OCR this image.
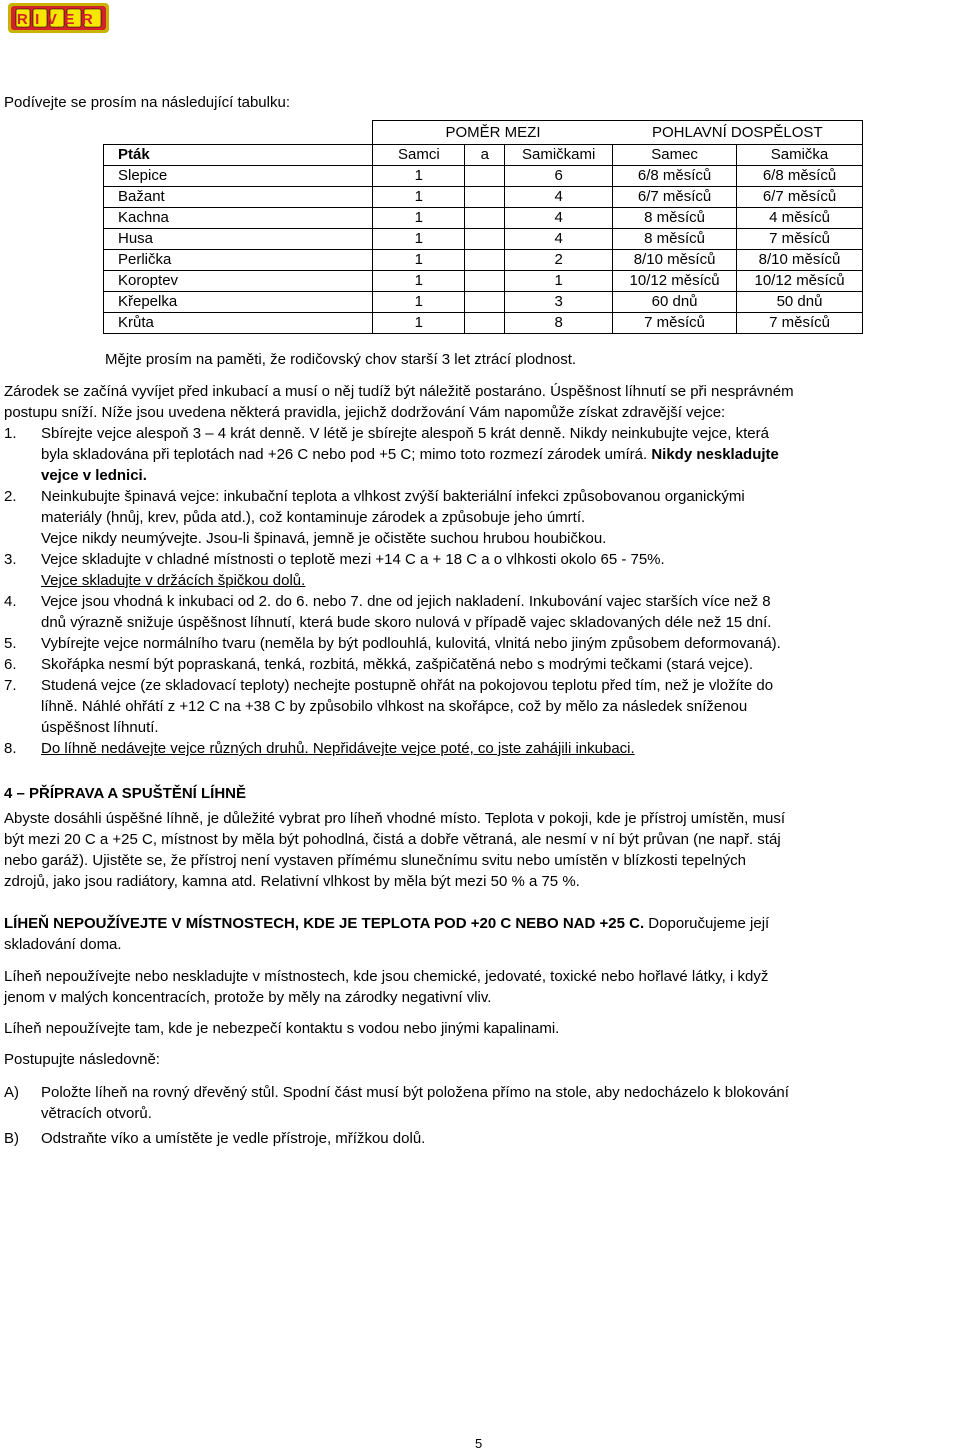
RIVER
Podívejte se prosím na následující tabulku:
	POMĚR MEZI			POHLAVNÍ DOSPĚLOST	
Pták	Samci	a	Samičkami	Samec	Samička
Slepice	1		6	6/8 měsíců	6/8 měsíců
Bažant	1		4	6/7 měsíců	6/7 měsíců
Kachna	1		4	8 měsíců	4 měsíců
Husa	1		4	8 měsíců	7 měsíců
Perlička	1		2	8/10 měsíců	8/10 měsíců
Koroptev	1		1	10/12 měsíců	10/12 měsíců
Křepelka	1		3	60 dnů	50 dnů
Krůta	1		8	7 měsíců	7 měsíců
Mějte prosím na paměti, že rodičovský chov starší 3 let ztrácí plodnost.
Zárodek se začíná vyvíjet před inkubací a musí o něj tudíž být náležitě postaráno. Úspěšnost líhnutí se při nesprávném
postupu sníží. Níže jsou uvedena některá pravidla, jejichž dodržování Vám napomůže získat zdravější vejce:
1. Sbírejte vejce alespoň 3 – 4 krát denně. V létě je sbírejte alespoň 5 krát denně. Nikdy neinkubujte vejce, která
byla skladována při teplotách nad +26 C nebo pod +5 C; mimo toto rozmezí zárodek umírá. Nikdy neskladujte
vejce v lednici.
2. Neinkubujte špinavá vejce: inkubační teplota a vlhkost zvýší bakteriální infekci způsobovanou organickými
materiály (hnůj, krev, půda atd.), což kontaminuje zárodek a způsobuje jeho úmrtí.
Vejce nikdy neumývejte. Jsou-li špinavá, jemně je očistěte suchou hrubou houbičkou.
3. Vejce skladujte v chladné místnosti o teplotě mezi +14 C a + 18 C a o vlhkosti okolo 65 - 75%.
Vejce skladujte v držácích špičkou dolů.
4. Vejce jsou vhodná k inkubaci od 2. do 6. nebo 7. dne od jejich nakladení. Inkubování vajec starších více než 8
dnů výrazně snižuje úspěšnost líhnutí, která bude skoro nulová v případě vajec skladovaných déle než 15 dní.
5. Vybírejte vejce normálního tvaru (neměla by být podlouhlá, kulovitá, vlnitá nebo jiným způsobem deformovaná).
6. Skořápka nesmí být popraskaná, tenká, rozbitá, měkká, zašpičatěná nebo s modrými tečkami (stará vejce).
7. Studená vejce (ze skladovací teploty) nechejte postupně ohřát na pokojovou teplotu před tím, než je vložíte do
líhně. Náhlé ohřátí z +12 C na +38 C by způsobilo vlhkost na skořápce, což by mělo za následek sníženou
úspěšnost líhnutí.
8. Do líhně nedávejte vejce různých druhů. Nepřidávejte vejce poté, co jste zahájili inkubaci.
4 – PŘÍPRAVA A SPUŠTĚNÍ LÍHNĚ
Abyste dosáhli úspěšné líhně, je důležité vybrat pro líheň vhodné místo. Teplota v pokoji, kde je přístroj umístěn, musí
být mezi 20 C a +25 C, místnost by měla být pohodlná, čistá a dobře větraná, ale nesmí v ní být průvan (ne např. stáj
nebo garáž). Ujistěte se, že přístroj není vystaven přímému slunečnímu svitu nebo umístěn v blízkosti tepelných
zdrojů, jako jsou radiátory, kamna atd. Relativní vlhkost by měla být mezi 50 % a 75 %.
LÍHEŇ NEPOUŽÍVEJTE V MÍSTNOSTECH, KDE JE TEPLOTA POD +20 C NEBO NAD +25 C. Doporučujeme její
skladování doma.
Líheň nepoužívejte nebo neskladujte v místnostech, kde jsou chemické, jedovaté, toxické nebo hořlavé látky, i když
jenom v malých koncentracích, protože by měly na zárodky negativní vliv.
Líheň nepoužívejte tam, kde je nebezpečí kontaktu s vodou nebo jinými kapalinami.
Postupujte následovně:
A) Položte líheň na rovný dřevěný stůl. Spodní část musí být položena přímo na stole, aby nedocházelo k blokování
větracích otvorů.
B) Odstraňte víko a umístěte je vedle přístroje, mřížkou dolů.
5
